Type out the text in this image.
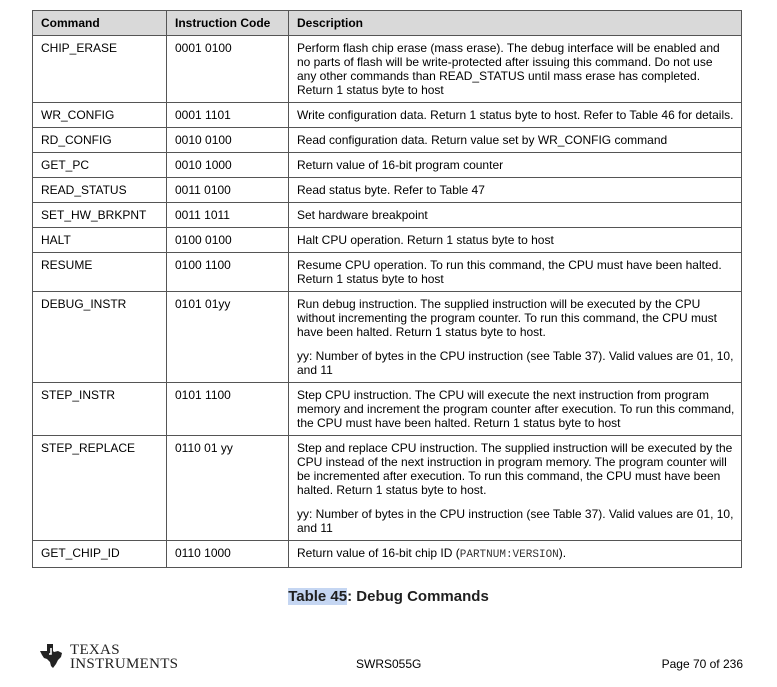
Command	Instruction Code	Description
CHIP_ERASE	0001 0100	Perform flash chip erase (mass erase). The debug interface will be enabled and no parts of flash will be write-protected after issuing this command. Do not use any other commands than READ_STATUS until mass erase has completed. Return 1 status byte to host

WR_CONFIG	0001 1101	Write configuration data. Return 1 status byte to host. Refer to Table 46 for details.

RD_CONFIG	0010 0100	Read configuration data. Return value set by WR_CONFIG command

GET_PC	0010 1000	Return value of 16-bit program counter

READ_STATUS	0011 0100	Read status byte. Refer to Table 47

SET_HW_BRKPNT	0011 1011	Set hardware breakpoint

HALT	0100 0100	Halt CPU operation. Return 1 status byte to host

RESUME	0100 1100	Resume CPU operation. To run this command, the CPU must have been halted. Return 1 status byte to host

DEBUG_INSTR	0101 01yy	Run debug instruction. The supplied instruction will be executed by the CPU without incrementing the program counter. To run this command, the CPU must have been halted. Return 1 status byte to host.

yy: Number of bytes in the CPU instruction (see Table 37). Valid values are 01, 10, and 11

STEP_INSTR	0101 1100	Step CPU instruction. The CPU will execute the next instruction from program memory and increment the program counter after execution. To run this command, the CPU must have been halted. Return 1 status byte to host

STEP_REPLACE	0110 01 yy	Step and replace CPU instruction. The supplied instruction will be executed by the CPU instead of the next instruction in program memory. The program counter will be incremented after execution. To run this command, the CPU must have been halted. Return 1 status byte to host.

yy: Number of bytes in the CPU instruction (see Table 37). Valid values are 01, 10, and 11

GET_CHIP_ID	0110 1000	Return value of 16-bit chip ID (PARTNUM:VERSION).
Table 45: Debug Commands
TEXAS
INSTRUMENTS	SWRS055G	Page 70 of 236
